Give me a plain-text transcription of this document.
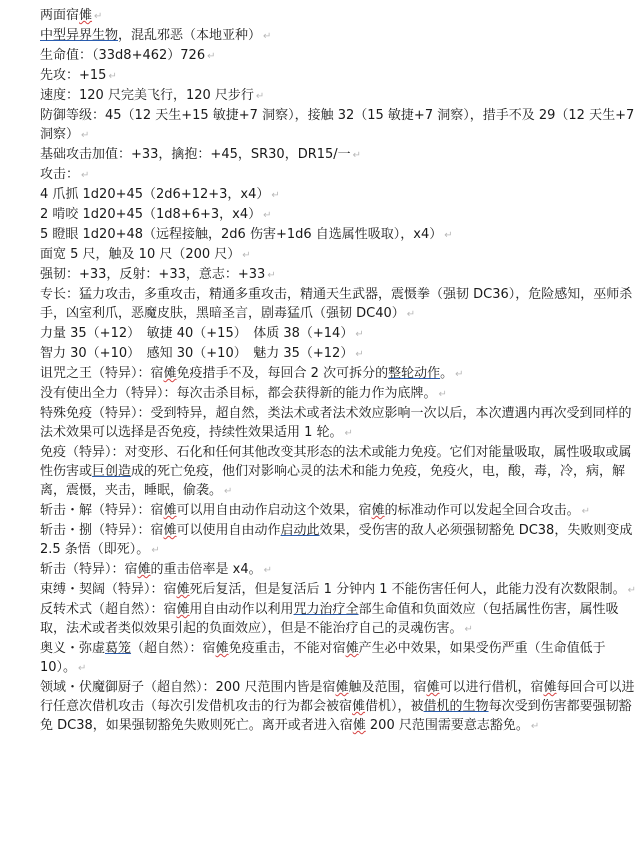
两面宿傩 ↵
中型异界生物，混乱邪恶（本地亚种） ↵
生命值：（33d8+462）726 ↵
先攻：+15 ↵
速度：120 尺完美飞行，120 尺步行 ↵
防御等级：45（12 天生+15 敏捷+7 洞察），接触 32（15 敏捷+7 洞察），措手不及 29（12 天生+7 洞察） ↵
基础攻击加值：+33，擒抱：+45，SR30，DR15/一 ↵
攻击： ↵
4 爪抓 1d20+45（2d6+12+3，x4） ↵
2 啃咬 1d20+45（1d8+6+3，x4） ↵
5 瞪眼 1d20+48（远程接触，2d6 伤害+1d6 自选属性吸取），x4） ↵
面宽 5 尺，触及 10 尺（200 尺） ↵
强韧：+33，反射：+33，意志：+33 ↵
专长：猛力攻击，多重攻击，精通多重攻击，精通天生武器，震慑拳（强韧 DC36），危险感知，巫师杀手，凶室利爪，恶魔皮肤，黑暗圣言，剧毒猛爪（强韧 DC40） ↵
力量 35（+12）　敏捷 40（+15）　体质 38（+14） ↵
智力 30（+10）　感知 30（+10）　魅力 35（+12） ↵
诅咒之王（特异）：宿傩免疫措手不及，每回合 2 次可拆分的整轮动作。 ↵
没有使出全力（特异）：每次击杀目标，都会获得新的能力作为底牌。 ↵
特殊免疫（特异）：受到特异，超自然，类法术或者法术效应影响一次以后，本次遭遇内再次受到同样的法术效果可以选择是否免疫，持续性效果适用 1 轮。 ↵
免疫（特异）：对变形、石化和任何其他改变其形态的法术或能力免疫。它们对能量吸取，属性吸取或属性伤害或巨创造成的死亡免疫，他们对影响心灵的法术和能力免疫，免疫火，电，酸，毒，冷，病，解离，震慑，夹击，睡眠，偷袭。 ↵
斩击・解（特异）：宿傩可以用自由动作启动这个效果，宿傩的标准动作可以发起全回合攻击。 ↵
斩击・捌（特异）：宿傩可以使用自由动作启动此效果，受伤害的敌人必须强韧豁免 DC38，失败则变成 2.5 条悟（即死）。 ↵
斩击（特异）：宿傩的重击倍率是 x4。 ↵
束缚・契阔（特异）：宿傩死后复活，但是复活后 1 分钟内 1 不能伤害任何人，此能力没有次数限制。 ↵
反转术式（超自然）：宿傩用自由动作以利用咒力治疗全部生命值和负面效应（包括属性伤害，属性吸取，法术或者类似效果引起的负面效应），但是不能治疗自己的灵魂伤害。 ↵
奥义・弥虚葛笼（超自然）：宿傩免疫重击，不能对宿傩产生必中效果，如果受伤严重（生命值低于 10）。 ↵
领域・伏魔御厨子（超自然）：200 尺范围内皆是宿傩触及范围，宿傩可以进行借机，宿傩每回合可以进行任意次借机攻击（每次引发借机攻击的行为都会被宿傩借机），被借机的生物每次受到伤害都要强韧豁免 DC38，如果强韧豁免失败则死亡。离开或者进入宿傩 200 尺范围需要意志豁免。 ↵
